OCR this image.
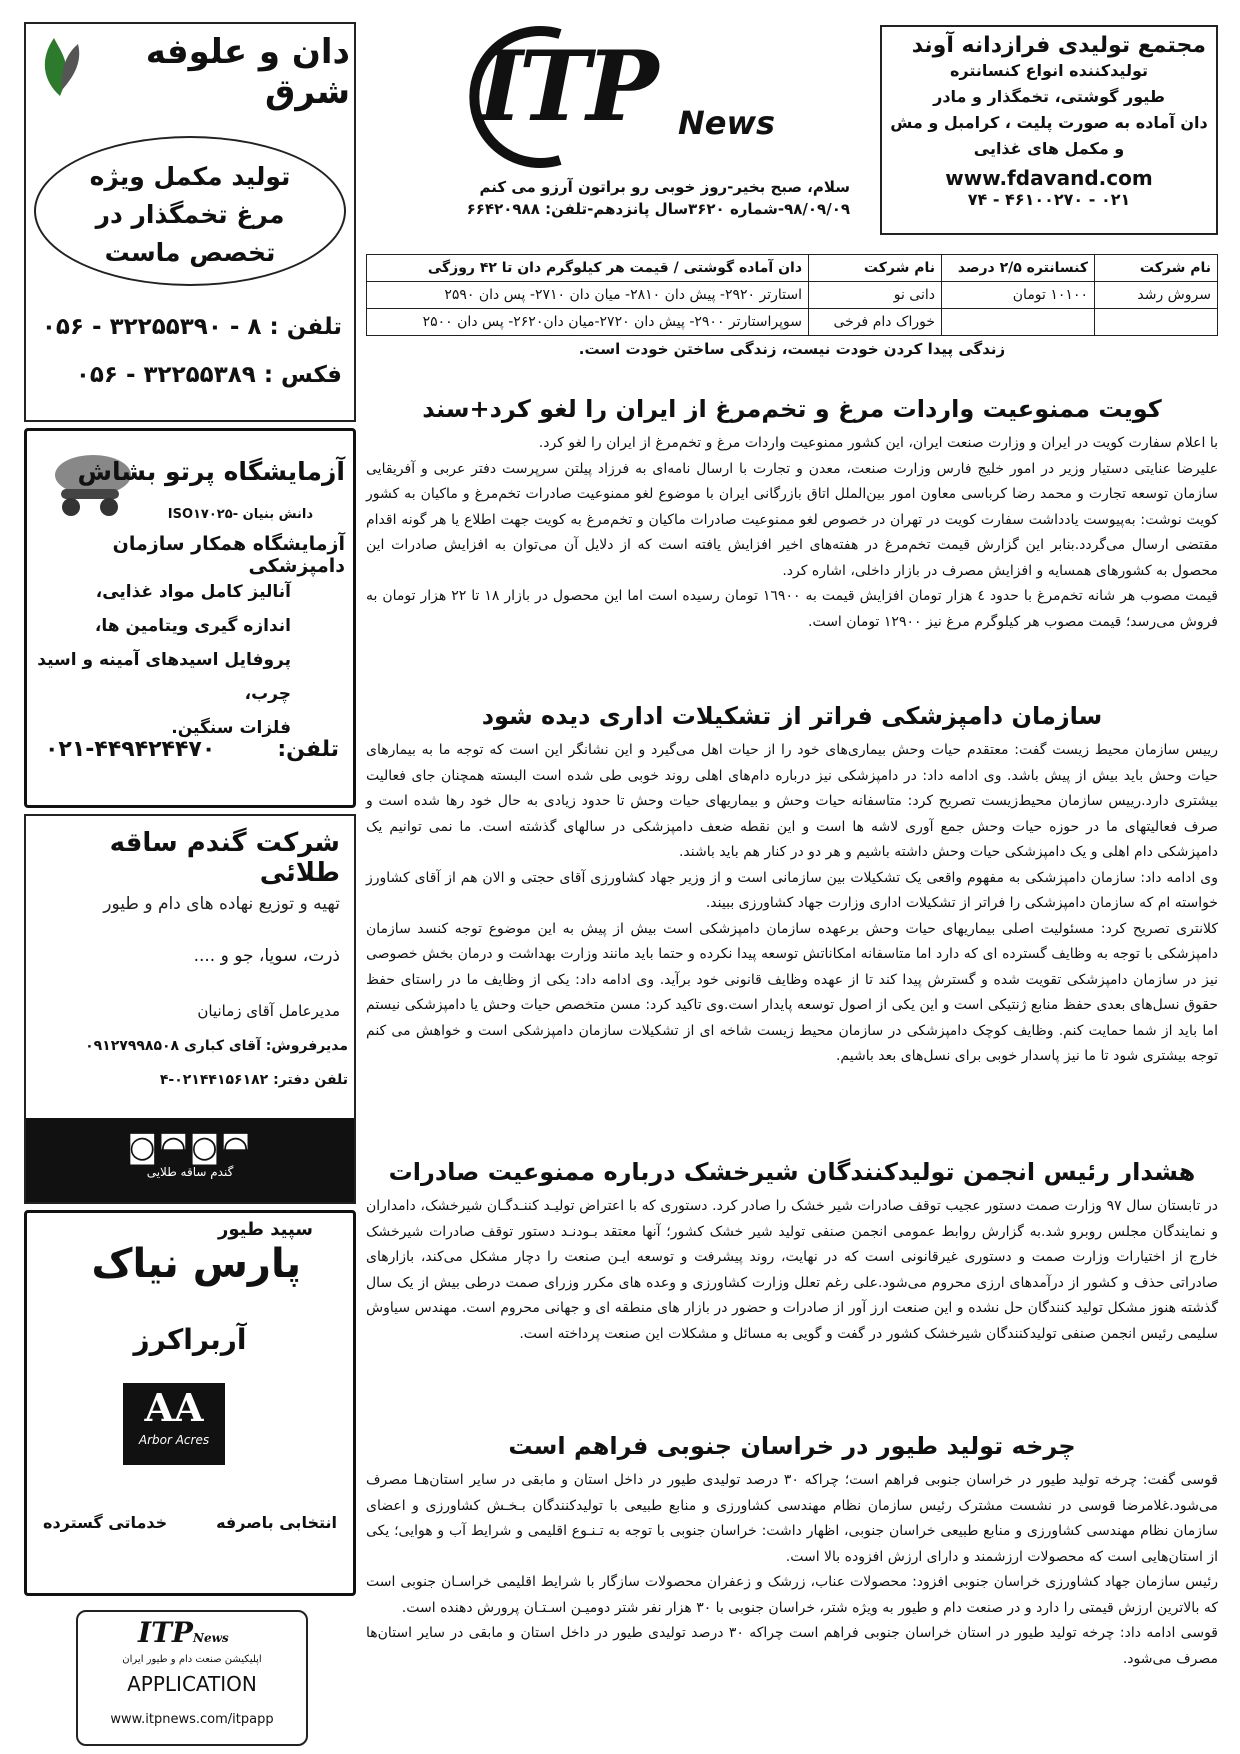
دان و علوفه شرق
تولید مکمل ویژه مرغ تخمگذار در تخصص ماست
تلفن : ۸ - ۳۲۲۵۵۳۹۰ - ۰۵۶
فکس : ۳۲۲۵۵۳۸۹ - ۰۵۶
آزمایشگاه پرتو بشاش
دانش بنیان -ISO۱۷۰۲۵
آزمایشگاه همکار سازمان دامپزشکی
آنالیز کامل مواد غذایی،
اندازه گیری ویتامین ها،
پروفایل اسیدهای آمینه و اسید چرب،
فلزات سنگین.
تلفن:
۰۲۱-۴۴۹۴۲۴۴۷۰
شرکت گندم ساقه طلائی
تهیه و توزیع نهاده های دام و طیور
ذرت، سویا، جو و ....
مدیرعامل آقای زمانیان
مدیرفروش: آقای کباری ۰۹۱۲۷۹۹۸۵۰۸
تلفن دفتر: ۰۲۱۴۴۱۵۶۱۸۲-۴
◙◚◙◚
گندم ساقه طلایی
سپید طیور
پارس نیاک
آربراکرز
AA
Arbor Acres
انتخابی باصرفه
خدماتی گسترده
ITPNews
اپلیکیشن صنعت دام و طیور ایران
APPLICATION
www.itpnews.com/itpapp
ITP News
سلام، صبح بخیر-روز خوبی رو براتون آرزو می کنم
۹۸/۰۹/۰۹-شماره ۳۶۲۰سال پانزدهم-تلفن: ۶۶۴۲۰۹۸۸
مجتمع تولیدی فرازدانه آوند
تولیدکننده انواع کنسانتره
طیور گوشتی، تخمگذار و مادر
دان آماده به صورت پلیت ، کرامبل و مش
و مکمل های غذایی
www.fdavand.com
۰۲۱ - ۴۶۱۰۰۲۷۰ - ۷۴
نام شرکت	کنسانتره ۲/۵ درصد	نام شرکت	دان آماده گوشتی / قیمت هر کیلوگرم دان تا ۴۲ روزگی
سروش رشد	۱۰۱۰۰ تومان	دانی نو	استارتر ۲۹۲۰- پیش دان ۲۸۱۰- میان دان ۲۷۱۰- پس دان ۲۵۹۰
		خوراک دام فرخی	سوپراستارتر ۲۹۰۰- پیش دان ۲۷۲۰-میان دان۲۶۲۰- پس دان ۲۵۰۰
زندگی پیدا کردن خودت نیست، زندگی ساختن خودت است.
کویت ممنوعیت واردات مرغ و تخم‌مرغ از ایران را لغو کرد+سند

با اعلام سفارت کویت در ایران و وزارت صنعت ایران، این کشور ممنوعیت واردات مرغ و تخم‌مرغ از ایران را لغو کرد.

علیرضا عنایتی دستیار وزیر در امور خلیج فارس وزارت صنعت، معدن و تجارت با ارسال نامه‌ای به فرزاد پیلتن سرپرست دفتر عربی و آفریقایی سازمان توسعه تجارت و محمد رضا کرباسی معاون امور بین‌الملل اتاق بازرگانی ایران با موضوع لغو ممنوعیت صادرات تخم‌مرغ و ماکیان به کشور کویت نوشت: به‌پیوست یادداشت سفارت کویت در تهران در خصوص لغو ممنوعیت صادرات ماکیان و تخم‌مرغ به کویت جهت اطلاع یا هر گونه اقدام مقتضی ارسال می‌گردد.بنابر این گزارش قیمت تخم‌مرغ در هفته‌های اخیر افزایش یافته است که از دلایل آن می‌توان به افزایش صادرات این محصول به کشورهای همسایه و افزایش مصرف در بازار داخلی، اشاره کرد.

قیمت مصوب هر شانه تخم‌مرغ با حدود ٤ هزار تومان افزایش قیمت به ١٦٩٠٠ تومان رسیده است اما این محصول در بازار ١٨ تا ٢٢ هزار تومان به فروش می‌رسد؛ قیمت مصوب هر کیلوگرم مرغ نیز ١٢٩٠٠ تومان است.

سازمان دامپزشکی فراتر از تشکیلات اداری دیده شود

رییس سازمان محیط زیست گفت: معتقدم حیات وحش بیماری‌های خود را از حیات اهل می‌گیرد و این نشانگر این است که توجه ما به بیمارهای حیات وحش باید بیش از پیش باشد. وی ادامه داد: در دامپزشکی نیز درباره دام‌های اهلی روند خوبی طی شده است البسته همچنان جای فعالیت بیشتری دارد.رییس سازمان محیط‌زیست تصریح کرد: متاسفانه حیات وحش و بیماریهای حیات وحش تا حدود زیادی به حال خود رها شده است و صرف فعالیتهای ما در حوزه حیات وحش جمع آوری لاشه ها است و این نقطه ضعف دامپزشکی در سالهای گذشته است. ما نمی توانیم یک دامپزشکی دام اهلی و یک دامپزشکی حیات وحش داشته باشیم و هر دو در کنار هم باید باشند.

وی ادامه داد: سازمان دامپزشکی به مفهوم واقعی یک تشکیلات بین سازمانی است و از وزیر جهاد کشاورزی آقای حجتی و الان هم از آقای کشاورز خواسته ام که سازمان دامپزشکی را فراتر از تشکیلات اداری وزارت جهاد کشاورزی ببیند.

کلانتری تصریح کرد: مسئولیت اصلی بیماریهای حیات وحش برعهده سازمان دامپزشکی است بیش از پیش به این موضوع توجه کنسد سازمان دامپزشکی با توجه به وظایف گسترده ای که دارد اما متاسفانه امکاناتش توسعه پیدا نکرده و حتما باید مانند وزارت بهداشت و درمان بخش خصوصی نیز در سازمان دامپزشکی تقویت شده و گسترش پیدا کند تا از عهده وظایف قانونی خود برآید. وی ادامه داد: یکی از وظایف ما در راستای حفظ حقوق نسل‌های بعدی حفظ منابع ژنتیکی است و این یکی از اصول توسعه پایدار است.وی تاکید کرد: مسن متخصص حیات وحش یا دامپزشکی نیستم اما باید از شما حمایت کنم. وظایف کوچک دامپزشکی در سازمان محیط زیست شاخه ای از تشکیلات سازمان دامپزشکی است و خواهش می کنم توجه بیشتری شود تا ما نیز پاسدار خوبی برای نسل‌های بعد باشیم.

هشدار رئیس انجمن تولیدکنندگان شیرخشک درباره ممنوعیت صادرات

در تابستان سال ٩٧ وزارت صمت دستور عجیب توقف صادرات شیر خشک را صادر کرد. دستوری که با اعتراض تولیـد کننـدگـان شیرخشک، دامداران و نمایندگان مجلس روبرو شد.به گزارش روابط عمومی انجمن صنفی تولید شیر خشک کشور؛ آنها معتقد بـودنـد دستور توقف صادرات شیرخشک خارج از اختیارات وزارت صمت و دستوری غیرقانونی است که در نهایت، روند پیشرفت و توسعه ایـن صنعت را دچار مشکل می‌کند، بازارهای صادراتی حذف و کشور از درآمدهای ارزی محروم می‌شود.علی رغم تعلل وزارت کشاورزی و وعده های مکرر وزرای صمت درطی بیش از یک سال گذشته هنوز مشکل تولید کنندگان حل نشده و این صنعت ارز آور از صادرات و حضور در بازار های منطقه ای و جهانی محروم است. مهندس سیاوش سلیمی رئیس انجمن صنفی تولیدکنندگان شیرخشک کشور در گفت و گویی به مسائل و مشکلات این صنعت پرداخته است.

چرخه تولید طیور در خراسان جنوبی فراهم است

قوسی گفت: چرخه تولید طیور در خراسان جنوبی فراهم است؛ چراکه ۳۰ درصد تولیدی طیور در داخل استان و مابقی در سایر استان‌هـا مصرف می‌شود.غلامرضا قوسی در نشست مشترک رئیس سازمان نظام مهندسی کشاورزی و منابع طبیعی با تولیدکنندگان بـخـش کشاورزی و اعضای سازمان نظام مهندسی کشاورزی و منابع طبیعی خراسان جنوبی، اظهار داشت: خراسان جنوبی با توجه به تـنـوع اقلیمی و شرایط آب و هوایی؛ یکی از استان‌هایی است که محصولات ارزشمند و دارای ارزش افزوده بالا است.

رئیس سازمان جهاد کشاورزی خراسان جنوبی افزود: محصولات عناب، زرشک و زعفران محصولات سازگار با شرایط اقلیمی خراسـان جنوبی است که بالاترین ارزش قیمتی را دارد و در صنعت دام و طیور به ویژه شتر، خراسان جنوبی با ۳۰ هزار نفر شتر دومیـن اسـتـان پرورش دهنده است.

قوسی ادامه داد: چرخه تولید طیور در استان خراسان جنوبی فراهم است چراکه ۳۰ درصد تولیدی طیور در داخل استان و مابقی در سایر استان‌ها مصرف می‌شود.
